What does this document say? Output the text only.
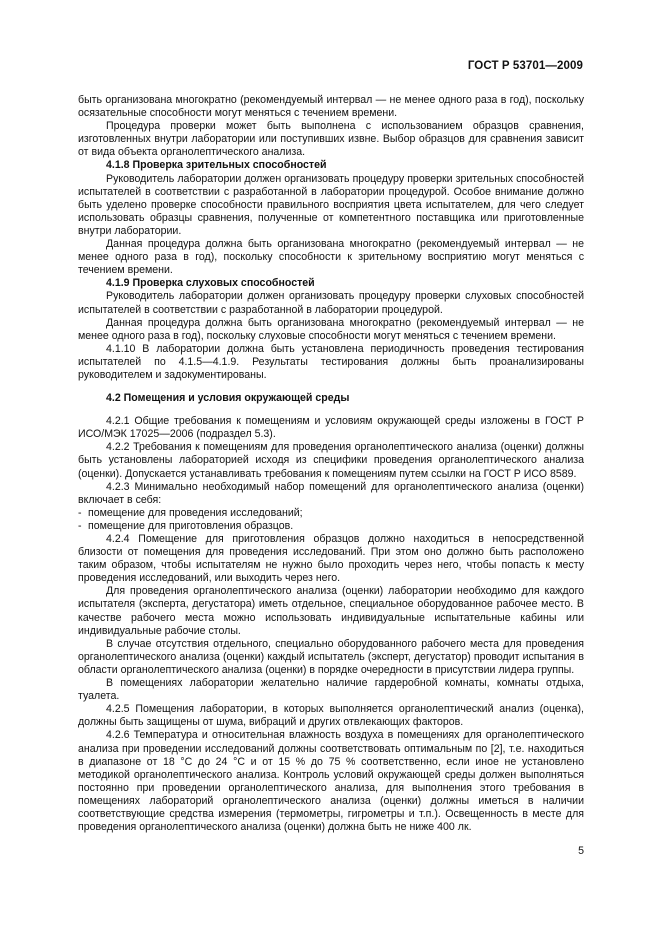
ГОСТ Р 53701—2009

быть организована многократно (рекомендуемый интервал — не менее одного раза в год), поскольку осязательные способности могут меняться с течением времени.

Процедура проверки может быть выполнена с использованием образцов сравнения, изготовленных внутри лаборатории или поступивших извне. Выбор образцов для сравнения зависит от вида объекта органолептического анализа.

4.1.8 Проверка зрительных способностей

Руководитель лаборатории должен организовать процедуру проверки зрительных способностей испытателей в соответствии с разработанной в лаборатории процедурой. Особое внимание должно быть уделено проверке способности правильного восприятия цвета испытателем, для чего следует использовать образцы сравнения, полученные от компетентного поставщика или приготовленные внутри лаборатории.

Данная процедура должна быть организована многократно (рекомендуемый интервал — не менее одного раза в год), поскольку способности к зрительному восприятию могут меняться с течением времени.

4.1.9 Проверка слуховых способностей

Руководитель лаборатории должен организовать процедуру проверки слуховых способностей испытателей в соответствии с разработанной в лаборатории процедурой.

Данная процедура должна быть организована многократно (рекомендуемый интервал — не менее одного раза в год), поскольку слуховые способности могут меняться с течением времени.

4.1.10 В лаборатории должна быть установлена периодичность проведения тестирования испытателей по 4.1.5—4.1.9. Результаты тестирования должны быть проанализированы руководителем и задокументированы.

4.2 Помещения и условия окружающей среды

4.2.1 Общие требования к помещениям и условиям окружающей среды изложены в ГОСТ Р ИСО/МЭК 17025—2006 (подраздел 5.3).

4.2.2 Требования к помещениям для проведения органолептического анализа (оценки) должны быть установлены лабораторией исходя из специфики проведения органолептического анализа (оценки). Допускается устанавливать требования к помещениям путем ссылки на ГОСТ Р ИСО 8589.

4.2.3 Минимально необходимый набор помещений для органолептического анализа (оценки) включает в себя:

- помещение для проведения исследований;

- помещение для приготовления образцов.

4.2.4 Помещение для приготовления образцов должно находиться в непосредственной близости от помещения для проведения исследований. При этом оно должно быть расположено таким образом, чтобы испытателям не нужно было проходить через него, чтобы попасть к месту проведения исследований, или выходить через него.

Для проведения органолептического анализа (оценки) лаборатории необходимо для каждого испытателя (эксперта, дегустатора) иметь отдельное, специальное оборудованное рабочее место. В качестве рабочего места можно использовать индивидуальные испытательные кабины или индивидуальные рабочие столы.

В случае отсутствия отдельного, специально оборудованного рабочего места для проведения органолептического анализа (оценки) каждый испытатель (эксперт, дегустатор) проводит испытания в области органолептического анализа (оценки) в порядке очередности в присутствии лидера группы.

В помещениях лаборатории желательно наличие гардеробной комнаты, комнаты отдыха, туалета.

4.2.5 Помещения лаборатории, в которых выполняется органолептический анализ (оценка), должны быть защищены от шума, вибраций и других отвлекающих факторов.

4.2.6 Температура и относительная влажность воздуха в помещениях для органолептического анализа при проведении исследований должны соответствовать оптимальным по [2], т.е. находиться в диапазоне от 18 °С до 24 °С и от 15 % до 75 % соответственно, если иное не установлено методикой органолептического анализа. Контроль условий окружающей среды должен выполняться постоянно при проведении органолептического анализа, для выполнения этого требования в помещениях лабораторий органолептического анализа (оценки) должны иметься в наличии соответствующие средства измерения (термометры, гигрометры и т.п.). Освещенность в месте для проведения органолептического анализа (оценки) должна быть не ниже 400 лк.

5
